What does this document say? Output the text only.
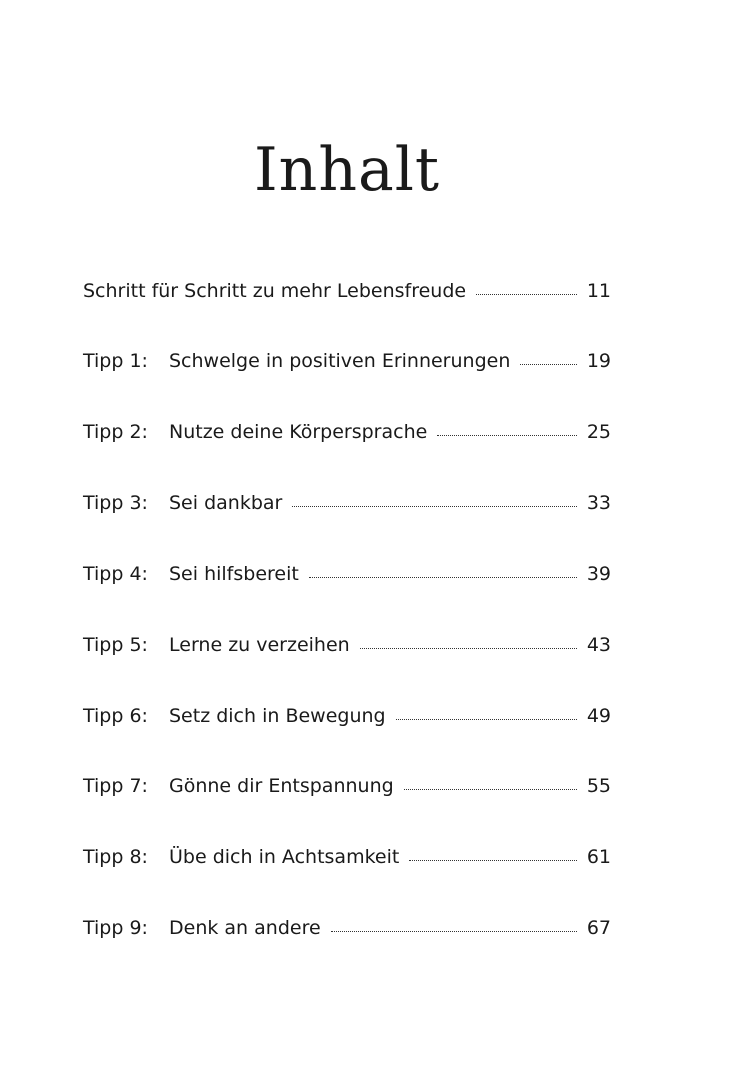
Inhalt
Schritt für Schritt zu mehr Lebensfreude	11
Tipp 1:	Schwelge in positiven Erinnerungen	19
Tipp 2:	Nutze deine Körpersprache	25
Tipp 3:	Sei dankbar	33
Tipp 4:	Sei hilfsbereit	39
Tipp 5:	Lerne zu verzeihen	43
Tipp 6:	Setz dich in Bewegung	49
Tipp 7:	Gönne dir Entspannung	55
Tipp 8:	Übe dich in Achtsamkeit	61
Tipp 9:	Denk an andere	67
